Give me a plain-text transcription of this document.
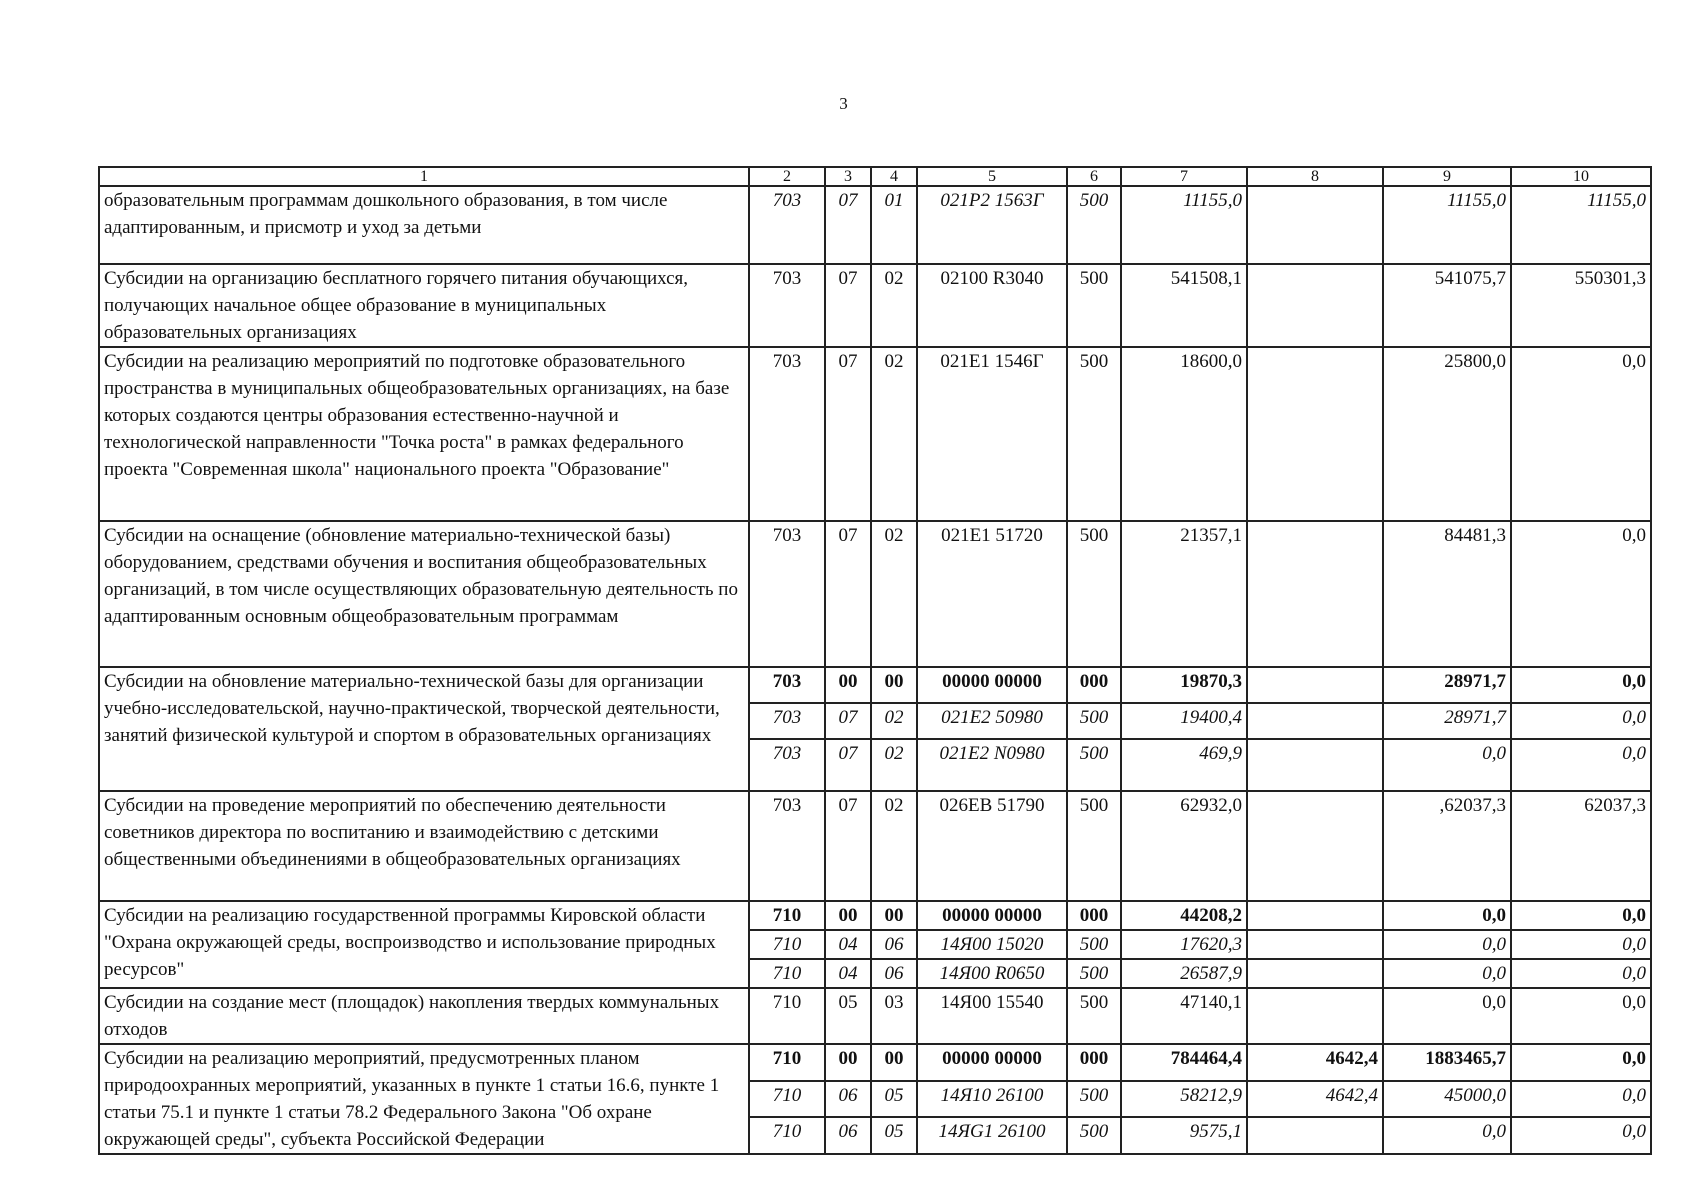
3
1	2	3	4	5	6	7	8	9	10
образовательным программам дошкольного образования, в том числе адаптированным, и присмотр и уход за детьми	703	07	01	021P2 1563Г	500	11155,0		11155,0	11155,0
Субсидии на организацию бесплатного горячего питания обучающихся, получающих начальное общее образование в муниципальных образовательных организациях	703	07	02	02100 R3040	500	541508,1		541075,7	550301,3
Субсидии на реализацию мероприятий по подготовке образовательного пространства в муниципальных общеобразовательных организациях, на базе которых создаются центры образования естественно-научной и технологической направленности "Точка роста" в рамках федерального проекта "Современная школа" национального проекта "Образование"	703	07	02	021E1 1546Г	500	18600,0		25800,0	0,0
Субсидии на оснащение (обновление материально-технической базы) оборудованием, средствами обучения и воспитания общеобразовательных организаций, в том числе осуществляющих образовательную деятельность по адаптированным основным общеобразовательным программам	703	07	02	021E1 51720	500	21357,1		84481,3	0,0
Субсидии на обновление материально-технической базы для организации учебно-исследовательской, научно-практической, творческой деятельности, занятий физической культурой и спортом в образовательных организациях	703	00	00	00000 00000	000	19870,3		28971,7	0,0
	703	07	02	021E2 50980	500	19400,4		28971,7	0,0
	703	07	02	021E2 N0980	500	469,9		0,0	0,0
Субсидии на проведение мероприятий по обеспечению деятельности советников директора по воспитанию и взаимодействию с детскими общественными объединениями в общеобразовательных организациях	703	07	02	026EB 51790	500	62932,0		,62037,3	62037,3
Субсидии на реализацию государственной программы Кировской области "Охрана окружающей среды, воспроизводство и использование природных ресурсов"	710	00	00	00000 00000	000	44208,2		0,0	0,0
	710	04	06	14Я00 15020	500	17620,3		0,0	0,0
	710	04	06	14Я00 R0650	500	26587,9		0,0	0,0
Субсидии на создание мест (площадок) накопления твердых коммунальных отходов	710	05	03	14Я00 15540	500	47140,1		0,0	0,0
Субсидии на реализацию мероприятий, предусмотренных планом природоохранных мероприятий, указанных в пункте 1 статьи 16.6, пункте 1 статьи 75.1 и пункте 1 статьи 78.2 Федерального Закона "Об охране окружающей среды", субъекта Российской Федерации	710	00	00	00000 00000	000	784464,4	4642,4	1883465,7	0,0
	710	06	05	14Я10 26100	500	58212,9	4642,4	45000,0	0,0
	710	06	05	14ЯG1 26100	500	9575,1		0,0	0,0
